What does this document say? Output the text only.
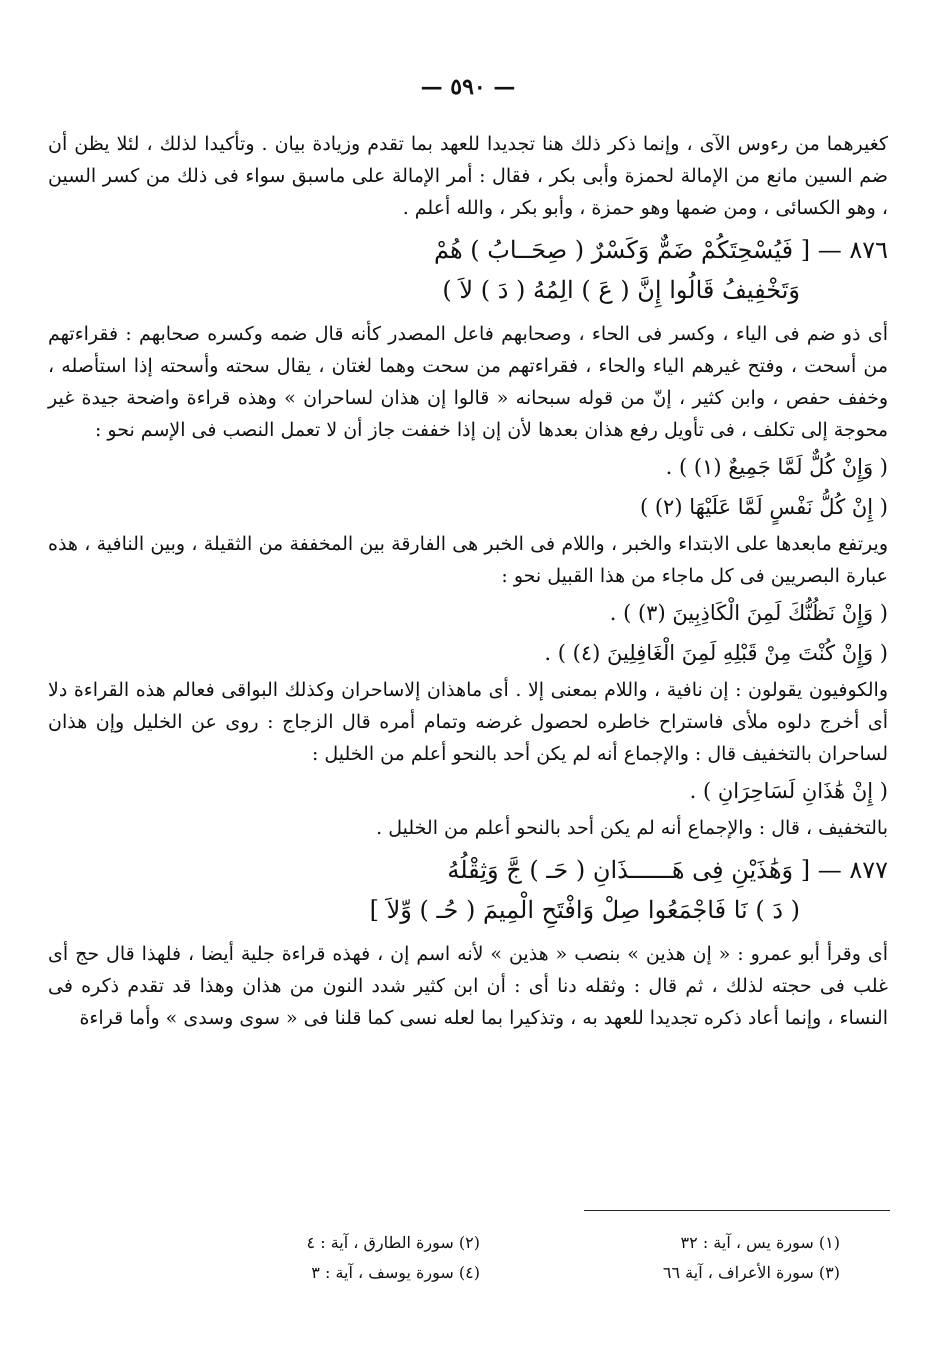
— ٥٩٠ —

كغيرهما من رءوس الآى ، وإنما ذكر ذلك هنا تجديدا للعهد بما تقدم وزيادة بيان . وتأكيدا لذلك ، لئلا يظن أن ضم السين مانع من الإمالة لحمزة وأبى بكر ، فقال : أمر الإمالة على ماسبق سواء فى ذلك من كسر السين ، وهو الكسائى ، ومن ضمها وهو حمزة ، وأبو بكر ، والله أعلم .

٨٧٦ — [ فَيُسْحِتَكُمْ ضَمٌّ وَكَسْرٌ ( صِحَــابُ ) هُمْ

وَتَخْفِيفُ قَالُوا إِنَّ ( عَ ) الِمُهُ ( دَ ) لاَ )

أى ذو ضم فى الياء ، وكسر فى الحاء ، وصحابهم فاعل المصدر كأنه قال ضمه وكسره صحابهم : فقراءتهم من أسحت ، وفتح غيرهم الياء والحاء ، فقراءتهم من سحت وهما لغتان ، يقال سحته وأسحته إذا استأصله ، وخفف حفص ، وابن كثير ، إنّ من قوله سبحانه « قالوا إن هذان لساحران » وهذه قراءة واضحة جيدة غير محوجة إلى تكلف ، فى تأويل رفع هذان بعدها لأن إن إذا خففت جاز أن لا تعمل النصب فى الإسم نحو :

( وَإِنْ كُلٌّ لَمَّا جَمِيعٌ (١) ) .

( إِنْ كُلُّ نَفْسٍ لَمَّا عَلَيْهَا (٢) )

ويرتفع مابعدها على الابتداء والخبر ، واللام فى الخبر هى الفارقة بين المخففة من الثقيلة ، وبين النافية ، هذه عبارة البصريين فى كل ماجاء من هذا القبيل نحو :

( وَإِنْ نَظُنُّكَ لَمِنَ الْكَاذِبِينَ (٣) ) .

( وَإِنْ كُنْتَ مِنْ قَبْلِهِ لَمِنَ الْغَافِلِينَ (٤) ) .

والكوفيون يقولون : إن نافية ، واللام بمعنى إلا . أى ماهذان إلاساحران وكذلك البواقى فعالم هذه القراءة دلا أى أخرج دلوه ملأى فاستراح خاطره لحصول غرضه وتمام أمره قال الزجاج : روى عن الخليل وإن هذان لساحران بالتخفيف قال : والإجماع أنه لم يكن أحد بالنحو أعلم من الخليل :

( إِنْ هَٰذَانِ لَسَاحِرَانِ ) .

بالتخفيف ، قال : والإجماع أنه لم يكن أحد بالنحو أعلم من الخليل .

٨٧٧ — [ وَهَٰذَيْنِ فِى هَــــــذَانِ ( حَـ ) جَّ وَثِقْلُهُ

( دَ ) نَا فَاجْمَعُوا صِلْ وَافْتَحِ الْمِيمَ ( حُـ ) وِّلاَ ]

أى وقرأ أبو عمرو : « إن هذين » بنصب « هذين » لأنه اسم إن ، فهذه قراءة جلية أيضا ، فلهذا قال حج أى غلب فى حجته لذلك ، ثم قال : وثقله دنا أى : أن ابن كثير شدد النون من هذان وهذا قد تقدم ذكره فى النساء ، وإنما أعاد ذكره تجديدا للعهد به ، وتذكيرا بما لعله نسى كما قلنا فى « سوى وسدى » وأما قراءة

(١) سورة يس ، آية : ٣٢
(٢) سورة الطارق ، آية : ٤
(٣) سورة الأعراف ، آية ٦٦
(٤) سورة يوسف ، آية : ٣
